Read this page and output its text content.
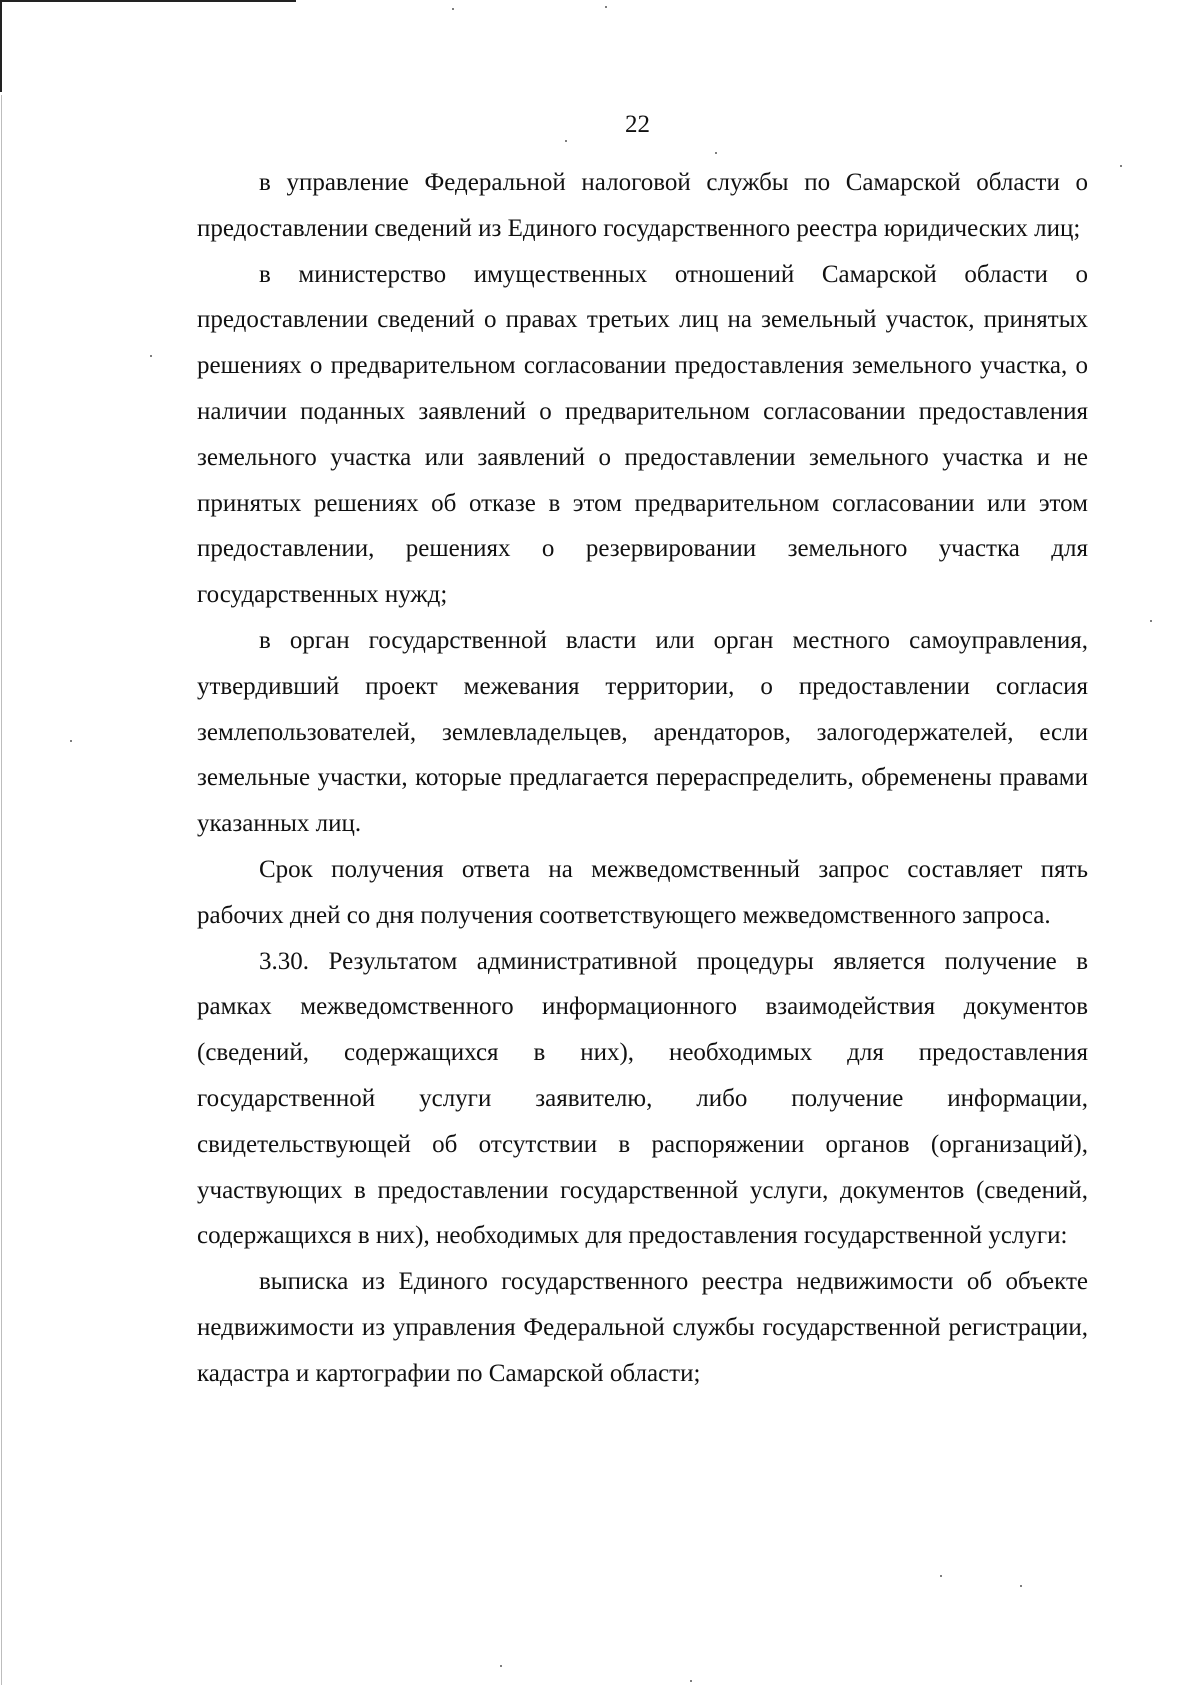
22

в управление Федеральной налоговой службы по Самарской области о предоставлении сведений из Единого государственного реестра юридических лиц;

в министерство имущественных отношений Самарской области о предоставлении сведений о правах третьих лиц на земельный участок, принятых решениях о предварительном согласовании предоставления земельного участка, о наличии поданных заявлений о предварительном согласовании предоставления земельного участка или заявлений о предоставлении земельного участка и не принятых решениях об отказе в этом предварительном согласовании или этом предоставлении, решениях о резервировании земельного участка для государственных нужд;

в орган государственной власти или орган местного самоуправления, утвердивший проект межевания территории, о предоставлении согласия землепользователей, землевладельцев, арендаторов, залогодержателей, если земельные участки, которые предлагается перераспределить, обременены правами указанных лиц.

Срок получения ответа на межведомственный запрос составляет пять рабочих дней со дня получения соответствующего межведомственного запроса.

3.30. Результатом административной процедуры является получение в рамках межведомственного информационного взаимодействия документов (сведений, содержащихся в них), необходимых для предоставления государственной услуги заявителю, либо получение информации, свидетельствующей об отсутствии в распоряжении органов (организаций), участвующих в предоставлении государственной услуги, документов (сведений, содержащихся в них), необходимых для предоставления государственной услуги:

выписка из Единого государственного реестра недвижимости об объекте недвижимости из управления Федеральной службы государственной регистрации, кадастра и картографии по Самарской области;
